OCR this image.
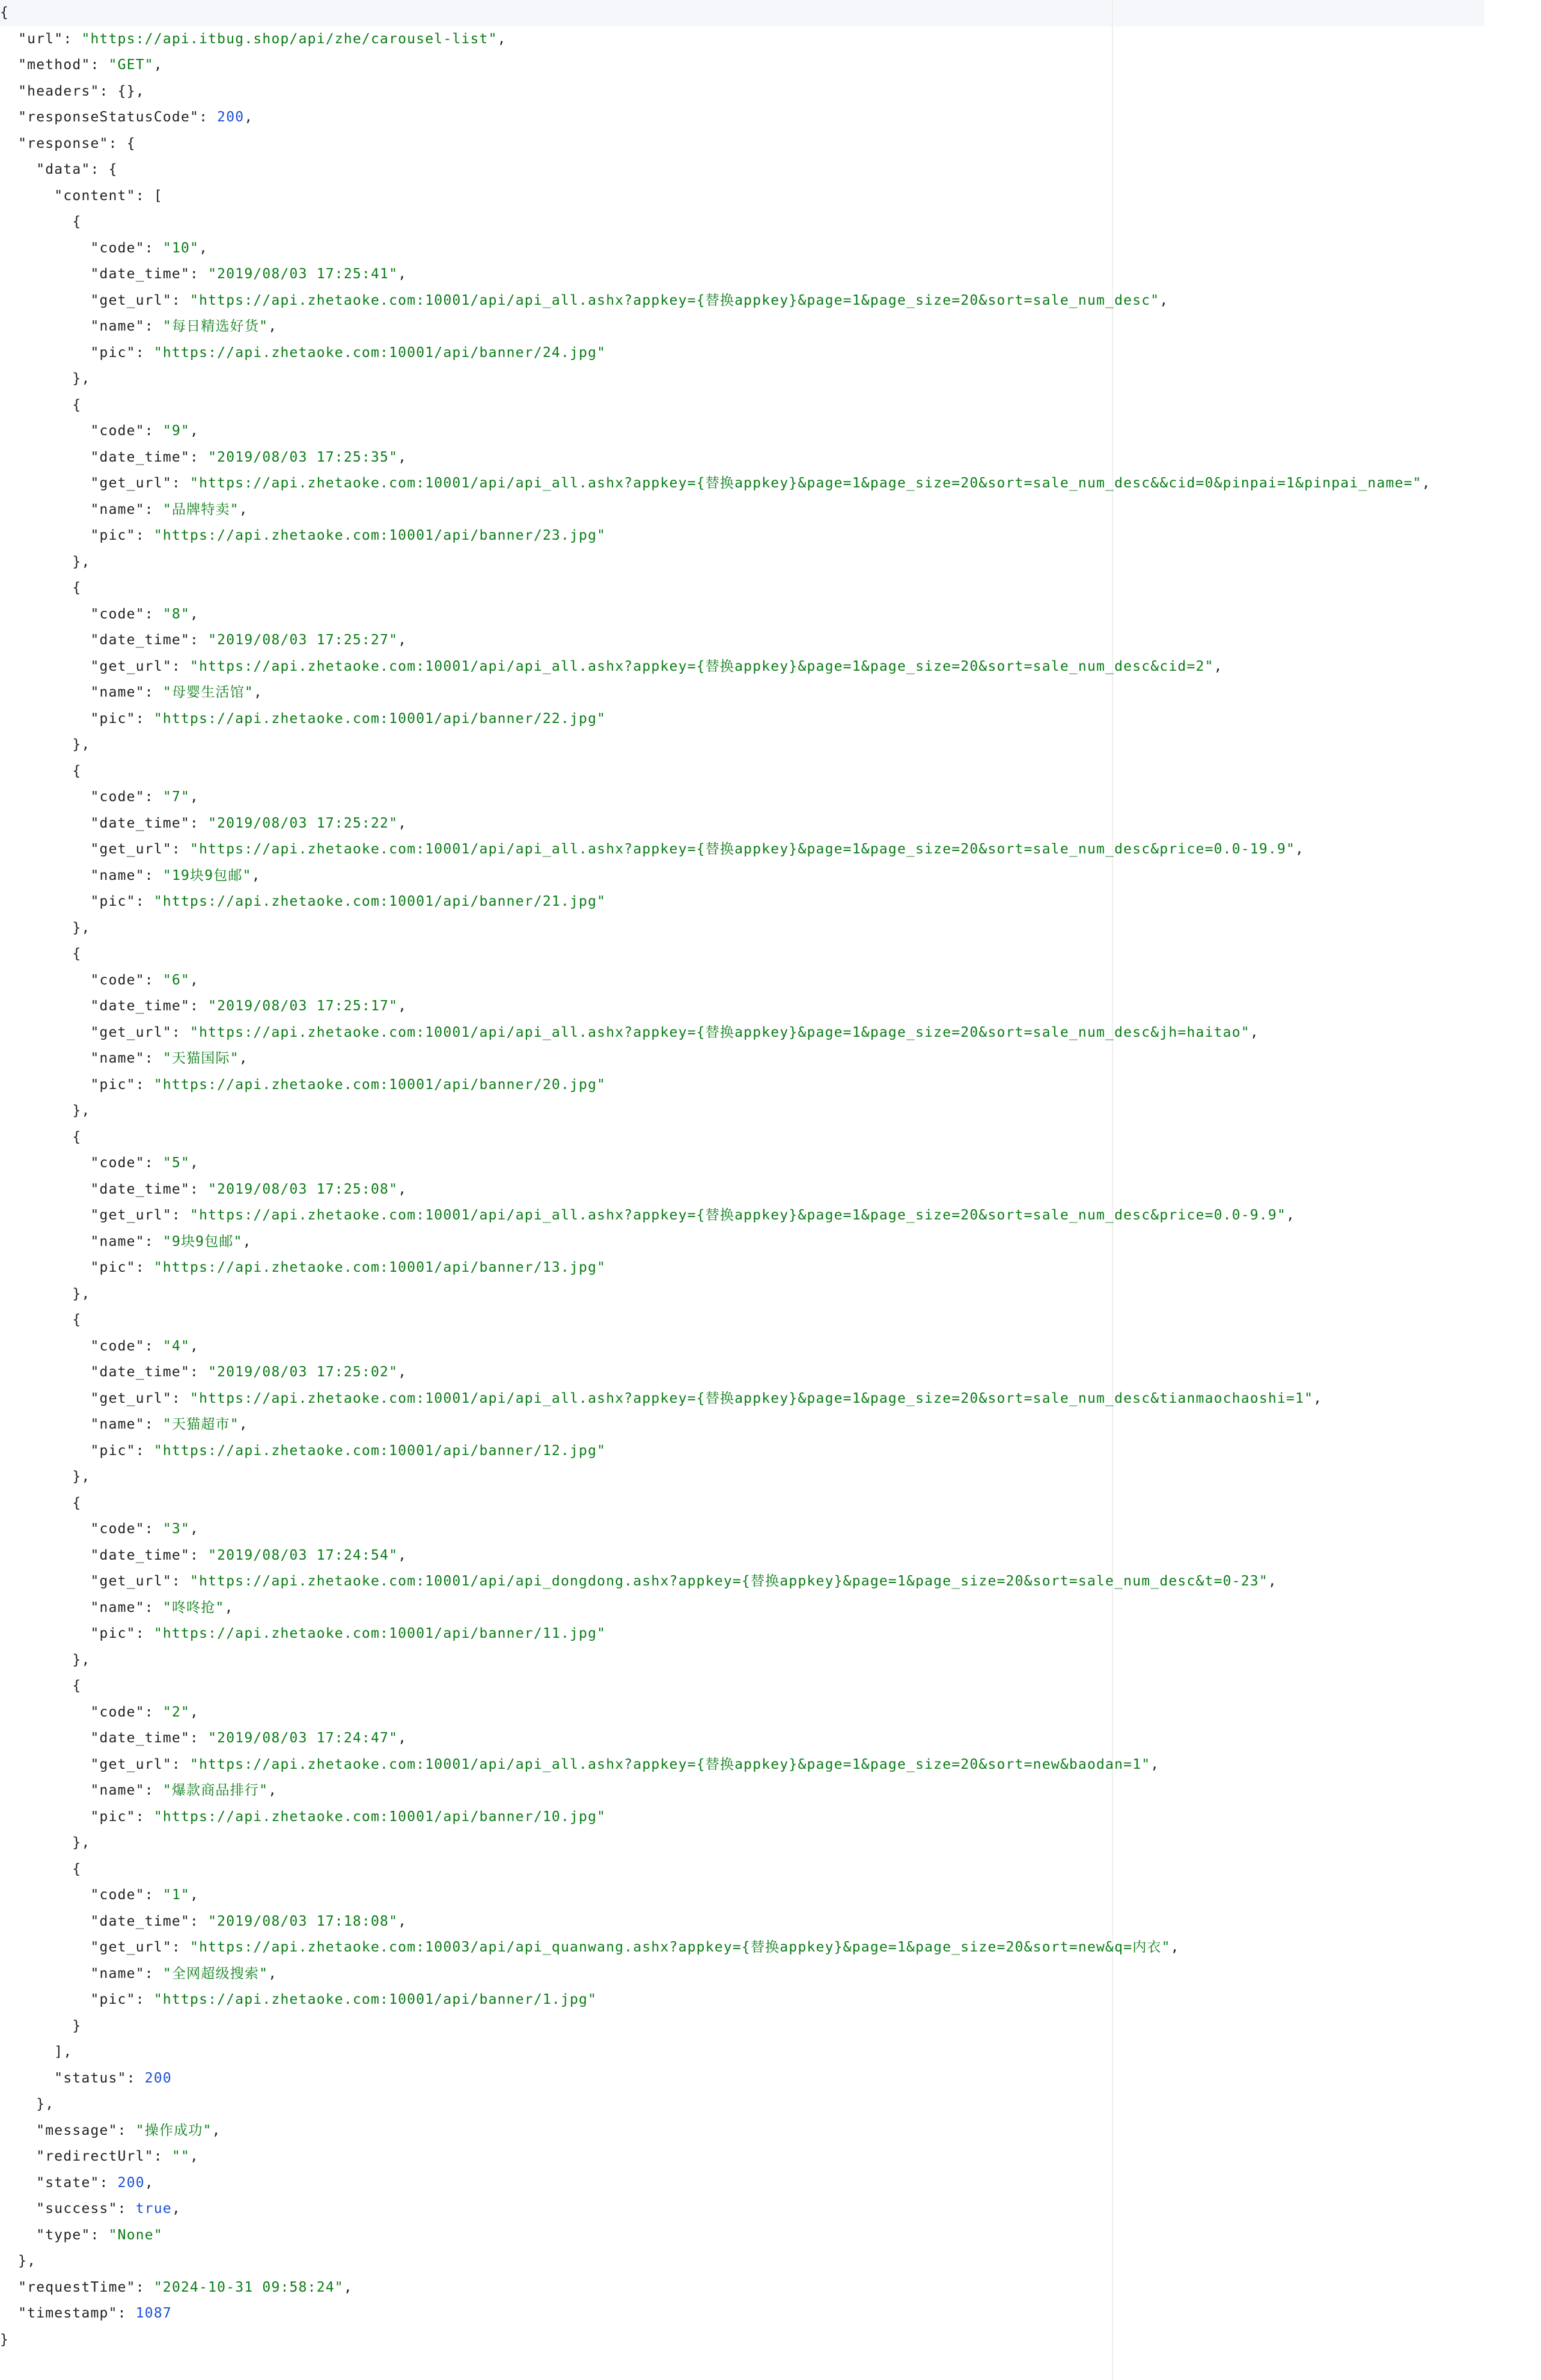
{
"url": "https://api.itbug.shop/api/zhe/carousel-list",
"method": "GET",
"headers": {},
"responseStatusCode": 200,
"response": {
"data": {
"content": [
{
"code": "10",
"date_time": "2019/08/03 17:25:41",
"get_url": "https://api.zhetaoke.com:10001/api/api_all.ashx?appkey={替换appkey}&page=1&page_size=20&sort=sale_num_desc",
"name": "每日精选好货",
"pic": "https://api.zhetaoke.com:10001/api/banner/24.jpg"
},
{
"code": "9",
"date_time": "2019/08/03 17:25:35",
"get_url": "https://api.zhetaoke.com:10001/api/api_all.ashx?appkey={替换appkey}&page=1&page_size=20&sort=sale_num_desc&&cid=0&pinpai=1&pinpai_name=",
"name": "品牌特卖",
"pic": "https://api.zhetaoke.com:10001/api/banner/23.jpg"
},
{
"code": "8",
"date_time": "2019/08/03 17:25:27",
"get_url": "https://api.zhetaoke.com:10001/api/api_all.ashx?appkey={替换appkey}&page=1&page_size=20&sort=sale_num_desc&cid=2",
"name": "母婴生活馆",
"pic": "https://api.zhetaoke.com:10001/api/banner/22.jpg"
},
{
"code": "7",
"date_time": "2019/08/03 17:25:22",
"get_url": "https://api.zhetaoke.com:10001/api/api_all.ashx?appkey={替换appkey}&page=1&page_size=20&sort=sale_num_desc&price=0.0-19.9",
"name": "19块9包邮",
"pic": "https://api.zhetaoke.com:10001/api/banner/21.jpg"
},
{
"code": "6",
"date_time": "2019/08/03 17:25:17",
"get_url": "https://api.zhetaoke.com:10001/api/api_all.ashx?appkey={替换appkey}&page=1&page_size=20&sort=sale_num_desc&jh=haitao",
"name": "天猫国际",
"pic": "https://api.zhetaoke.com:10001/api/banner/20.jpg"
},
{
"code": "5",
"date_time": "2019/08/03 17:25:08",
"get_url": "https://api.zhetaoke.com:10001/api/api_all.ashx?appkey={替换appkey}&page=1&page_size=20&sort=sale_num_desc&price=0.0-9.9",
"name": "9块9包邮",
"pic": "https://api.zhetaoke.com:10001/api/banner/13.jpg"
},
{
"code": "4",
"date_time": "2019/08/03 17:25:02",
"get_url": "https://api.zhetaoke.com:10001/api/api_all.ashx?appkey={替换appkey}&page=1&page_size=20&sort=sale_num_desc&tianmaochaoshi=1",
"name": "天猫超市",
"pic": "https://api.zhetaoke.com:10001/api/banner/12.jpg"
},
{
"code": "3",
"date_time": "2019/08/03 17:24:54",
"get_url": "https://api.zhetaoke.com:10001/api/api_dongdong.ashx?appkey={替换appkey}&page=1&page_size=20&sort=sale_num_desc&t=0-23",
"name": "咚咚抢",
"pic": "https://api.zhetaoke.com:10001/api/banner/11.jpg"
},
{
"code": "2",
"date_time": "2019/08/03 17:24:47",
"get_url": "https://api.zhetaoke.com:10001/api/api_all.ashx?appkey={替换appkey}&page=1&page_size=20&sort=new&baodan=1",
"name": "爆款商品排行",
"pic": "https://api.zhetaoke.com:10001/api/banner/10.jpg"
},
{
"code": "1",
"date_time": "2019/08/03 17:18:08",
"get_url": "https://api.zhetaoke.com:10003/api/api_quanwang.ashx?appkey={替换appkey}&page=1&page_size=20&sort=new&q=内衣",
"name": "全网超级搜索",
"pic": "https://api.zhetaoke.com:10001/api/banner/1.jpg"
}
],
"status": 200
},
"message": "操作成功",
"redirectUrl": "",
"state": 200,
"success": true,
"type": "None"
},
"requestTime": "2024-10-31 09:58:24",
"timestamp": 1087
}
